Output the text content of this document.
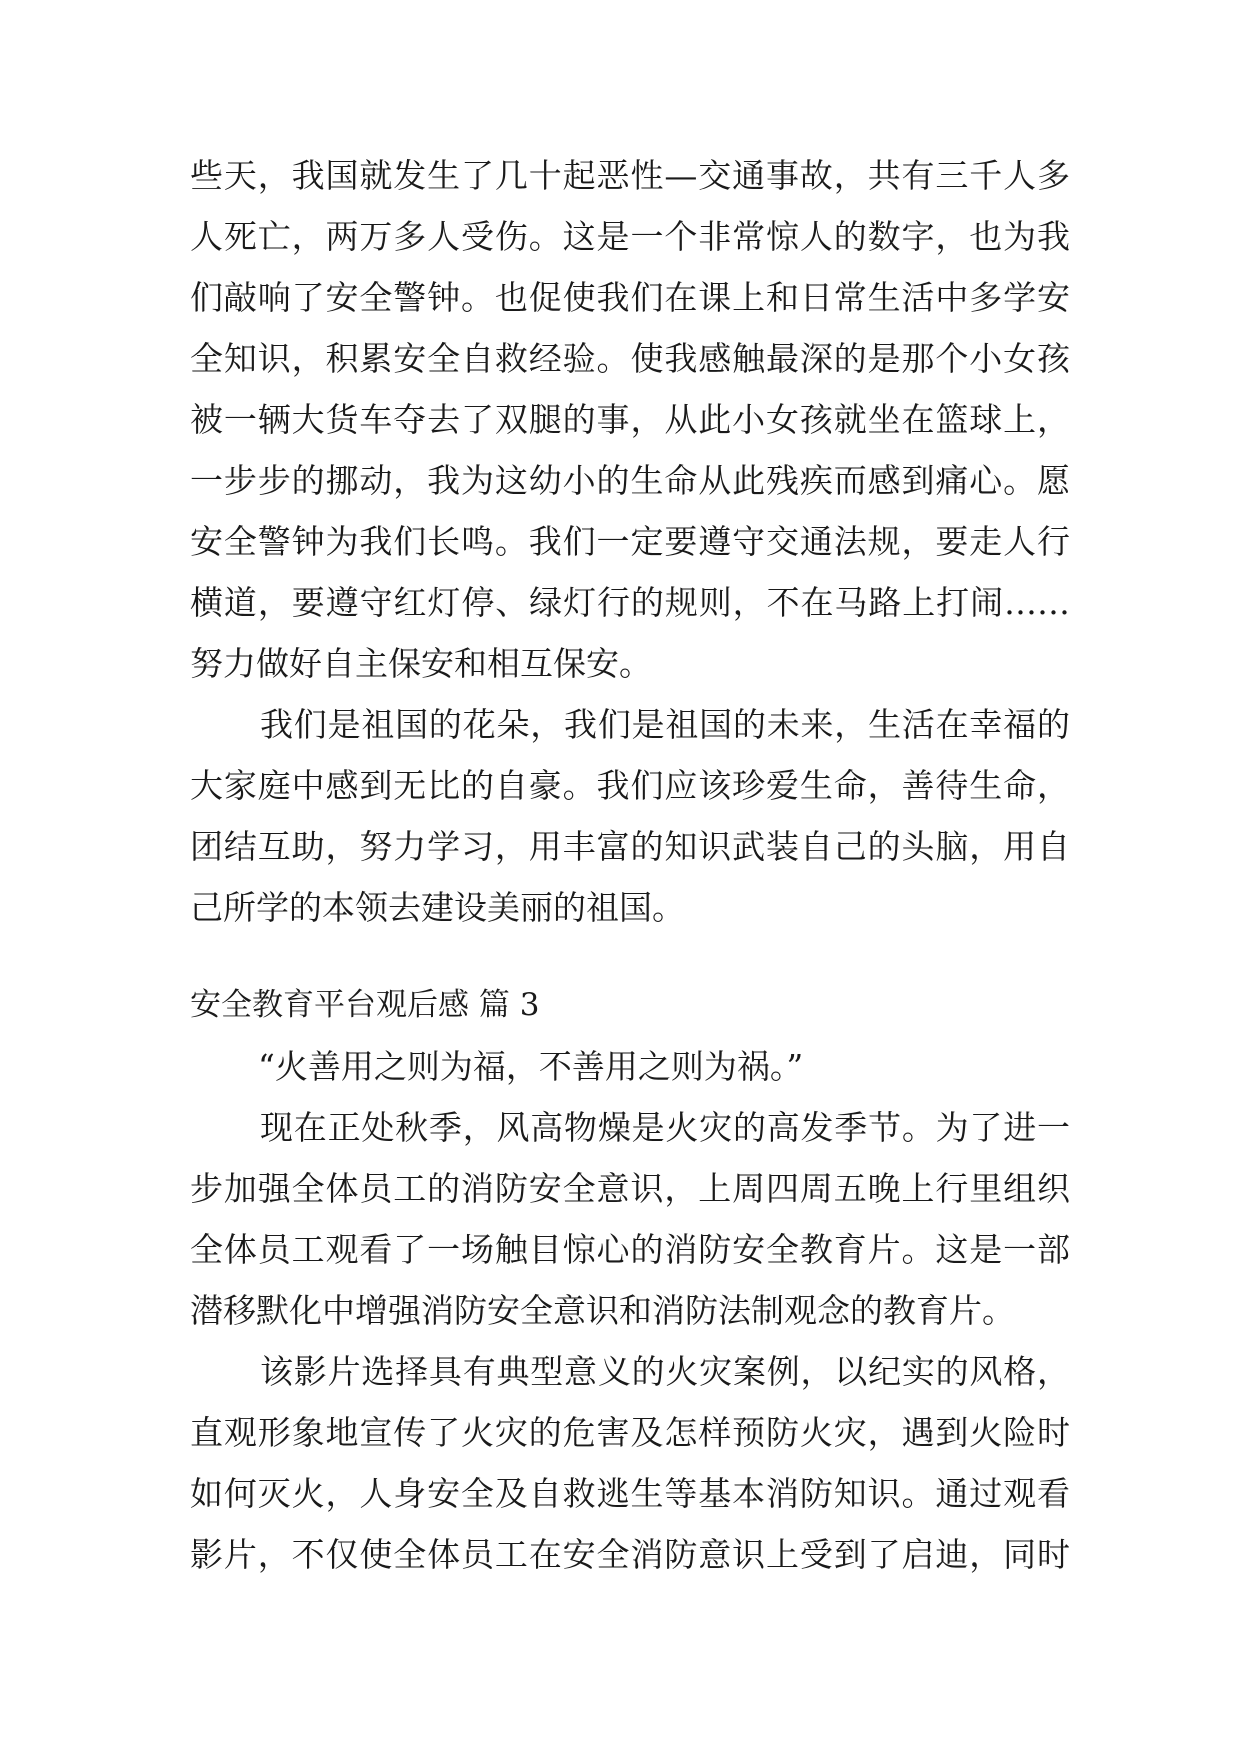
些天，我国就发生了几十起恶性—交通事故，共有三千人多
人死亡，两万多人受伤。这是一个非常惊人的数字，也为我
们敲响了安全警钟。也促使我们在课上和日常生活中多学安
全知识，积累安全自救经验。使我感触最深的是那个小女孩
被一辆大货车夺去了双腿的事，从此小女孩就坐在篮球上，
一步步的挪动，我为这幼小的生命从此残疾而感到痛心。愿
安全警钟为我们长鸣。我们一定要遵守交通法规，要走人行
横道，要遵守红灯停、绿灯行的规则，不在马路上打闹……
努力做好自主保安和相互保安。
我们是祖国的花朵，我们是祖国的未来，生活在幸福的
大家庭中感到无比的自豪。我们应该珍爱生命，善待生命，
团结互助，努力学习，用丰富的知识武装自己的头脑，用自
己所学的本领去建设美丽的祖国。
安全教育平台观后感 篇 3
“火善用之则为福，不善用之则为祸。”
现在正处秋季，风高物燥是火灾的高发季节。为了进一
步加强全体员工的消防安全意识，上周四周五晚上行里组织
全体员工观看了一场触目惊心的消防安全教育片。这是一部
潜移默化中增强消防安全意识和消防法制观念的教育片。
该影片选择具有典型意义的火灾案例，以纪实的风格，
直观形象地宣传了火灾的危害及怎样预防火灾，遇到火险时
如何灭火，人身安全及自救逃生等基本消防知识。通过观看
影片，不仅使全体员工在安全消防意识上受到了启迪，同时
